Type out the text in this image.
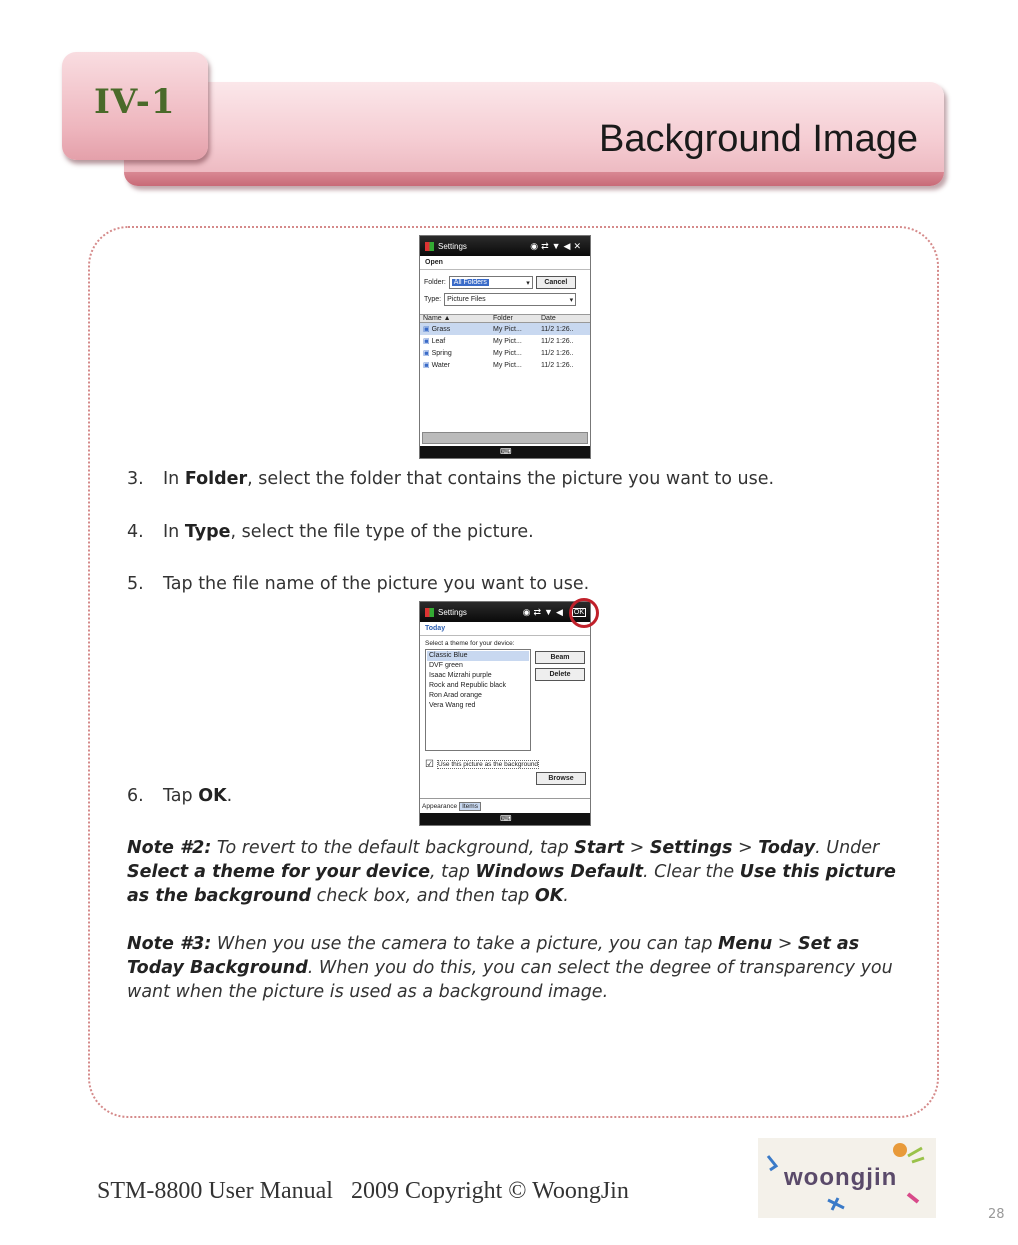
Background Image
IV-1
Settings	◉⇄▼◀✕
Open
Folder: All Folders	▾	Cancel
Type: Picture Files	▾
Name ▲	Folder	Date
▣ Grass	My Pict...	11/2 1:26..
▣ Leaf	My Pict...	11/2 1:26..
▣ Spring	My Pict...	11/2 1:26..
▣ Water	My Pict...	11/2 1:26..
⌨
3. In Folder, select the folder that contains the picture you want to use.
4. In Type, select the file type of the picture.
5. Tap the file name of the picture you want to use.
Settings	◉⇄▼◀ OK
Today
Select a theme for your device:
Classic Blue
DVF green
Isaac Mizrahi purple
Rock and Republic black
Ron Arad orange
Vera Wang red
Beam
Delete
☑ Use this picture as the background
Browse
Appearance Items
⌨
6. Tap OK.
Note #2: To revert to the default background, tap Start > Settings > Today. Under Select a theme for your device, tap Windows Default. Clear the Use this picture as the background check box, and then tap OK.
Note #3: When you use the camera to take a picture, you can tap Menu > Set as Today Background. When you do this, you can select the degree of transparency you want when the picture is used as a background image.
STM-8800 User Manual   2009 Copyright © WoongJin	woongjin
28
